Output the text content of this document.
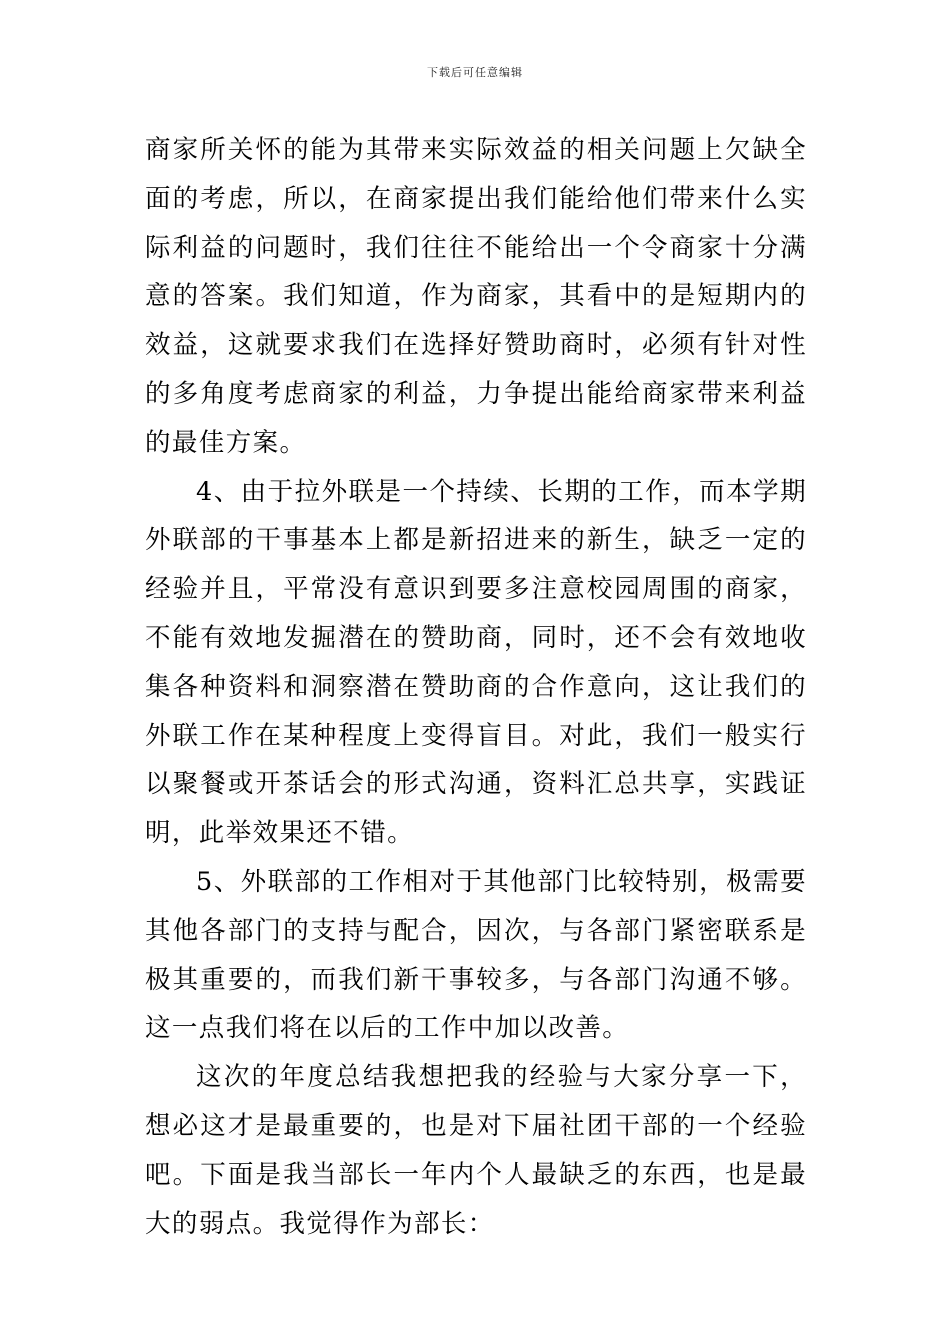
下载后可任意编辑

商家所关怀的能为其带来实际效益的相关问题上欠缺全面的考虑，所以，在商家提出我们能给他们带来什么实际利益的问题时，我们往往不能给出一个令商家十分满意的答案。我们知道，作为商家，其看中的是短期内的效益，这就要求我们在选择好赞助商时，必须有针对性的多角度考虑商家的利益，力争提出能给商家带来利益的最佳方案。

4、由于拉外联是一个持续、长期的工作，而本学期外联部的干事基本上都是新招进来的新生，缺乏一定的经验并且，平常没有意识到要多注意校园周围的商家，不能有效地发掘潜在的赞助商，同时，还不会有效地收集各种资料和洞察潜在赞助商的合作意向，这让我们的外联工作在某种程度上变得盲目。对此，我们一般实行以聚餐或开茶话会的形式沟通，资料汇总共享，实践证明，此举效果还不错。

5、外联部的工作相对于其他部门比较特别，极需要其他各部门的支持与配合，因次，与各部门紧密联系是极其重要的，而我们新干事较多，与各部门沟通不够。这一点我们将在以后的工作中加以改善。

这次的年度总结我想把我的经验与大家分享一下，想必这才是最重要的，也是对下届社团干部的一个经验吧。下面是我当部长一年内个人最缺乏的东西，也是最大的弱点。我觉得作为部长：
